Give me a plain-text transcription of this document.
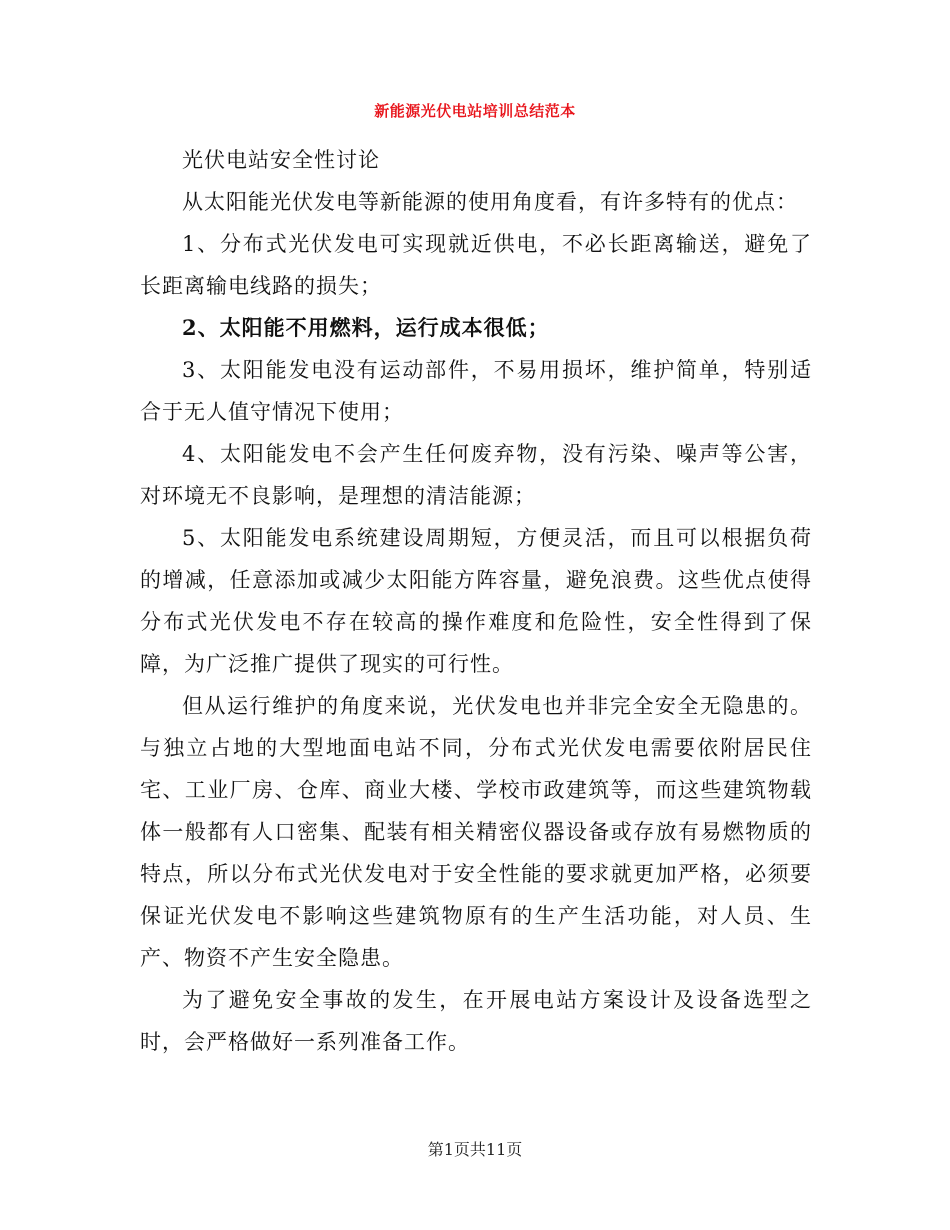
新能源光伏电站培训总结范本

光伏电站安全性讨论

从太阳能光伏发电等新能源的使用角度看，有许多特有的优点：

1、分布式光伏发电可实现就近供电，不必长距离输送，避免了长距离输电线路的损失；

2、太阳能不用燃料，运行成本很低；

3、太阳能发电没有运动部件，不易用损坏，维护简单，特别适合于无人值守情况下使用；

4、太阳能发电不会产生任何废弃物，没有污染、噪声等公害，对环境无不良影响，是理想的清洁能源；

5、太阳能发电系统建设周期短，方便灵活，而且可以根据负荷的增减，任意添加或减少太阳能方阵容量，避免浪费。这些优点使得分布式光伏发电不存在较高的操作难度和危险性，安全性得到了保障，为广泛推广提供了现实的可行性。

但从运行维护的角度来说，光伏发电也并非完全安全无隐患的。与独立占地的大型地面电站不同，分布式光伏发电需要依附居民住宅、工业厂房、仓库、商业大楼、学校市政建筑等，而这些建筑物载体一般都有人口密集、配装有相关精密仪器设备或存放有易燃物质的特点，所以分布式光伏发电对于安全性能的要求就更加严格，必须要保证光伏发电不影响这些建筑物原有的生产生活功能，对人员、生产、物资不产生安全隐患。

为了避免安全事故的发生，在开展电站方案设计及设备选型之时，会严格做好一系列准备工作。

第1页共11页
